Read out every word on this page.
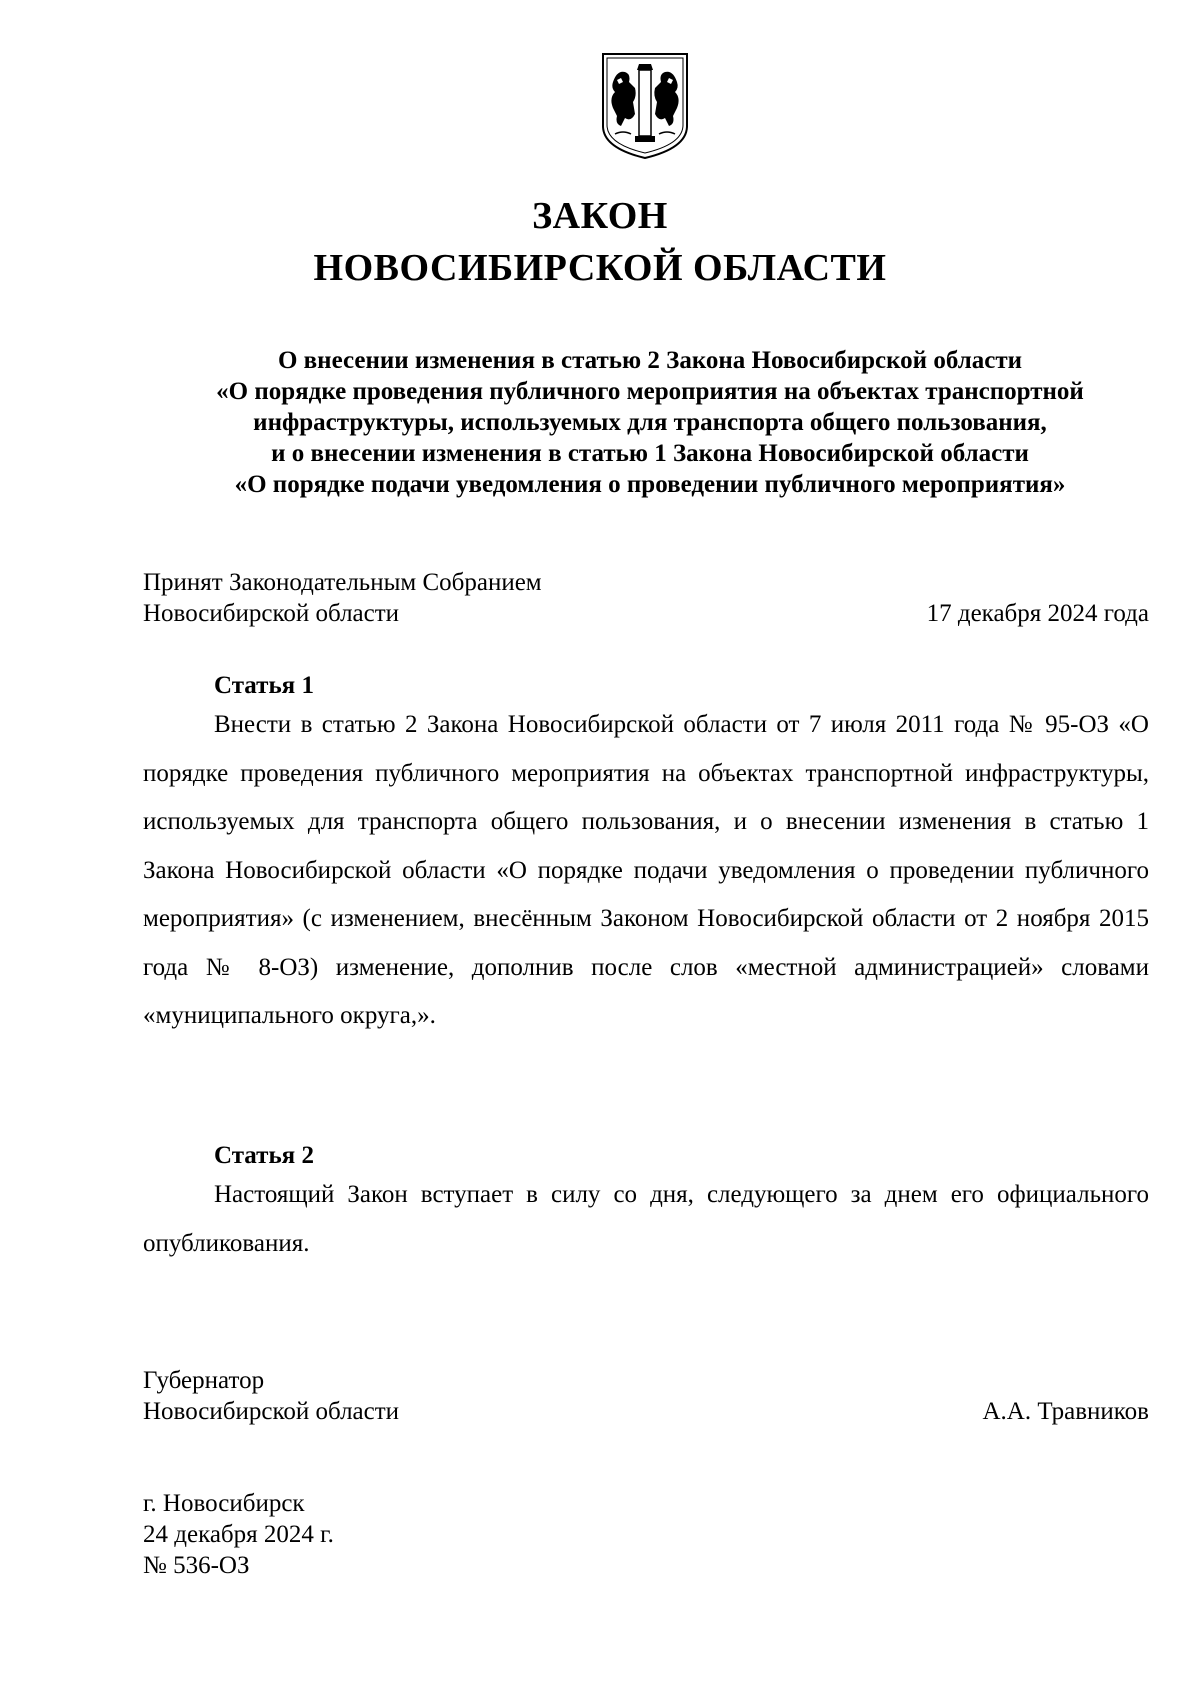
ЗАКОН
НОВОСИБИРСКОЙ ОБЛАСТИ
О внесении изменения в статью 2 Закона Новосибирской области
«О порядке проведения публичного мероприятия на объектах транспортной
инфраструктуры, используемых для транспорта общего пользования,
и о внесении изменения в статью 1 Закона Новосибирской области
«О порядке подачи уведомления о проведении публичного мероприятия»
Принят Законодательным Собранием
Новосибирской области	17 декабря 2024 года
Статья 1

Внести в статью 2 Закона Новосибирской области от 7 июля 2011 года № 95-ОЗ «О порядке проведения публичного мероприятия на объектах транспортной инфраструктуры, используемых для транспорта общего пользования, и о внесении изменения в статью 1 Закона Новосибирской области «О порядке подачи уведомления о проведении публичного мероприятия» (с изменением, внесённым Законом Новосибирской области от 2 ноября 2015 года № 8-ОЗ) изменение, дополнив после слов «местной администрацией» словами «муниципального округа,».

Статья 2

Настоящий Закон вступает в силу со дня, следующего за днем его официального опубликования.

Губернатор
Новосибирской области	А.А. Травников
г. Новосибирск
24 декабря 2024 г.
№ 536-ОЗ
